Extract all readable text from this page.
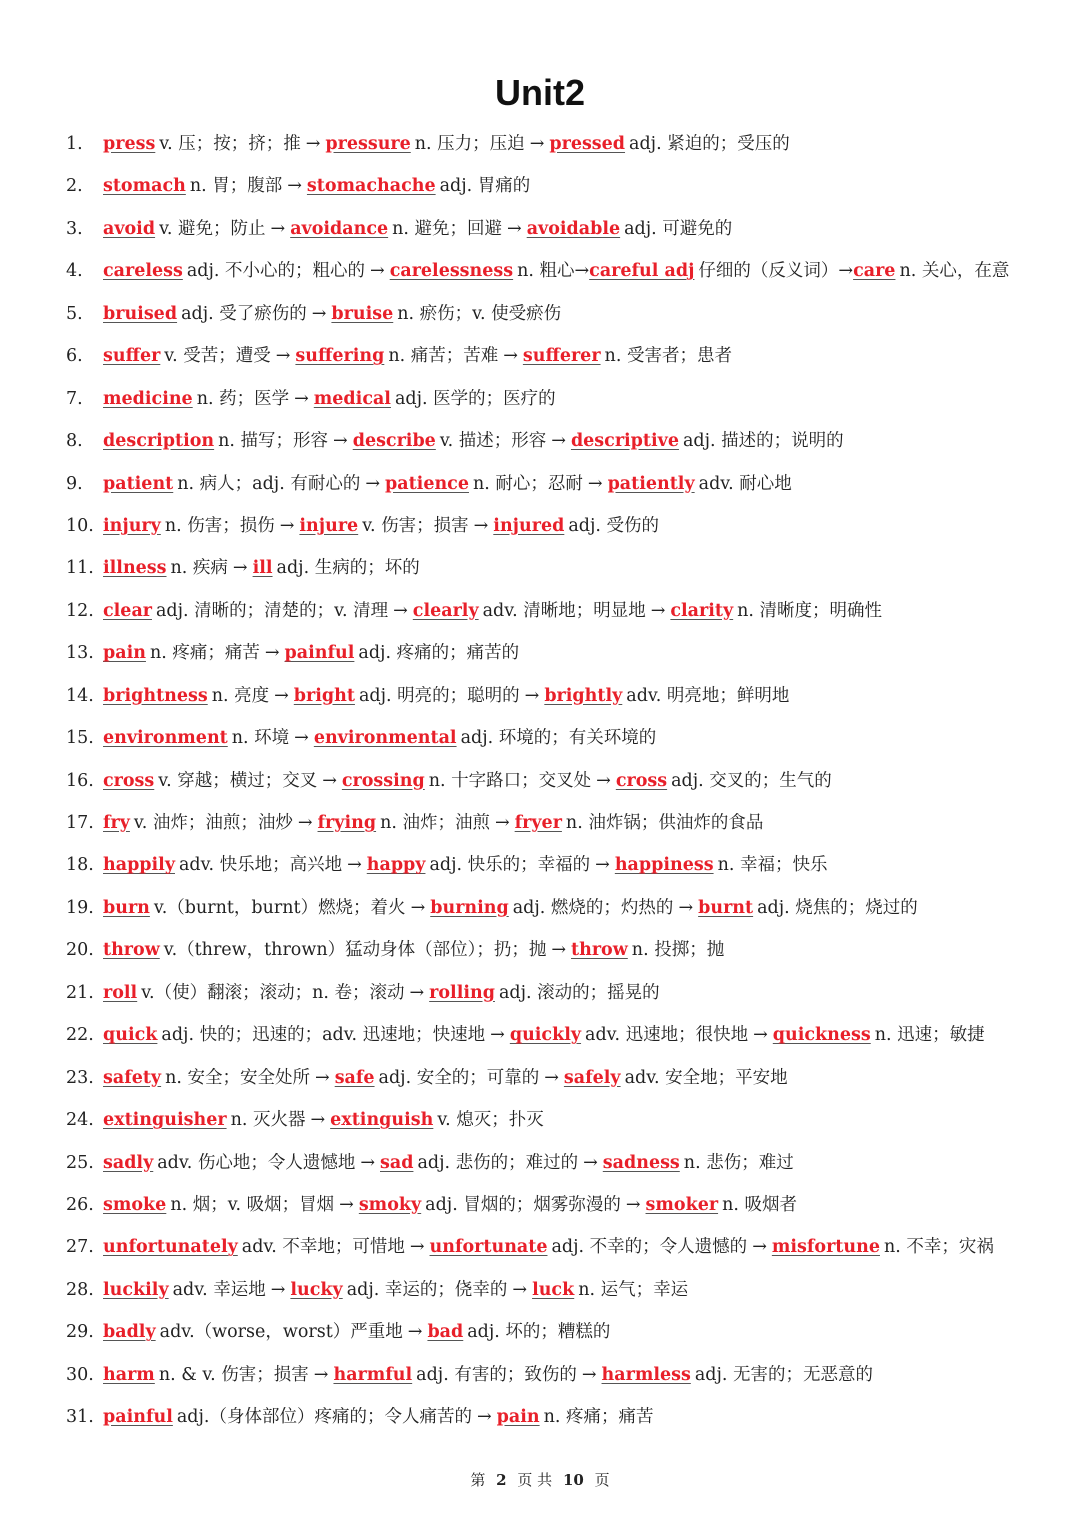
Unit2
1. press v. 压；按；挤；推 → pressure n. 压力；压迫 → pressed adj. 紧迫的；受压的
2. stomach n. 胃；腹部 → stomachache adj. 胃痛的
3. avoid v. 避免；防止 → avoidance n. 避免；回避 → avoidable adj. 可避免的
4. careless adj. 不小心的；粗心的 → carelessness n. 粗心→careful adj 仔细的（反义词）→care n. 关心，在意
5. bruised adj. 受了瘀伤的 → bruise n. 瘀伤；v. 使受瘀伤
6. suffer v. 受苦；遭受 → suffering n. 痛苦；苦难 → sufferer n. 受害者；患者
7. medicine n. 药；医学 → medical adj. 医学的；医疗的
8. description n. 描写；形容 → describe v. 描述；形容 → descriptive adj. 描述的；说明的
9. patient n. 病人；adj. 有耐心的 → patience n. 耐心；忍耐 → patiently adv. 耐心地
10. injury n. 伤害；损伤 → injure v. 伤害；损害 → injured adj. 受伤的
11. illness n. 疾病 → ill adj. 生病的；坏的
12. clear adj. 清晰的；清楚的；v. 清理 → clearly adv. 清晰地；明显地 → clarity n. 清晰度；明确性
13. pain n. 疼痛；痛苦 → painful adj. 疼痛的；痛苦的
14. brightness n. 亮度 → bright adj. 明亮的；聪明的 → brightly adv. 明亮地；鲜明地
15. environment n. 环境 → environmental adj. 环境的；有关环境的
16. cross v. 穿越；横过；交叉 → crossing n. 十字路口；交叉处 → cross adj. 交叉的；生气的
17. fry v. 油炸；油煎；油炒 → frying n. 油炸；油煎 → fryer n. 油炸锅；供油炸的食品
18. happily adv. 快乐地；高兴地 → happy adj. 快乐的；幸福的 → happiness n. 幸福；快乐
19. burn v.（burnt，burnt）燃烧；着火 → burning adj. 燃烧的；灼热的 → burnt adj. 烧焦的；烧过的
20. throw v.（threw，thrown）猛动身体（部位）；扔；抛 → throw n. 投掷；抛
21. roll v.（使）翻滚；滚动；n. 卷；滚动 → rolling adj. 滚动的；摇晃的
22. quick adj. 快的；迅速的；adv. 迅速地；快速地 → quickly adv. 迅速地；很快地 → quickness n. 迅速；敏捷
23. safety n. 安全；安全处所 → safe adj. 安全的；可靠的 → safely adv. 安全地；平安地
24. extinguisher n. 灭火器 → extinguish v. 熄灭；扑灭
25. sadly adv. 伤心地；令人遗憾地 → sad adj. 悲伤的；难过的 → sadness n. 悲伤；难过
26. smoke n. 烟；v. 吸烟；冒烟 → smoky adj. 冒烟的；烟雾弥漫的 → smoker n. 吸烟者
27. unfortunately adv. 不幸地；可惜地 → unfortunate adj. 不幸的；令人遗憾的 → misfortune n. 不幸；灾祸
28. luckily adv. 幸运地 → lucky adj. 幸运的；侥幸的 → luck n. 运气；幸运
29. badly adv.（worse，worst）严重地 → bad adj. 坏的；糟糕的
30. harm n. & v. 伤害；损害 → harmful adj. 有害的；致伤的 → harmless adj. 无害的；无恶意的
31. painful adj.（身体部位）疼痛的；令人痛苦的 → pain n. 疼痛；痛苦
第 2 页 共 10 页
